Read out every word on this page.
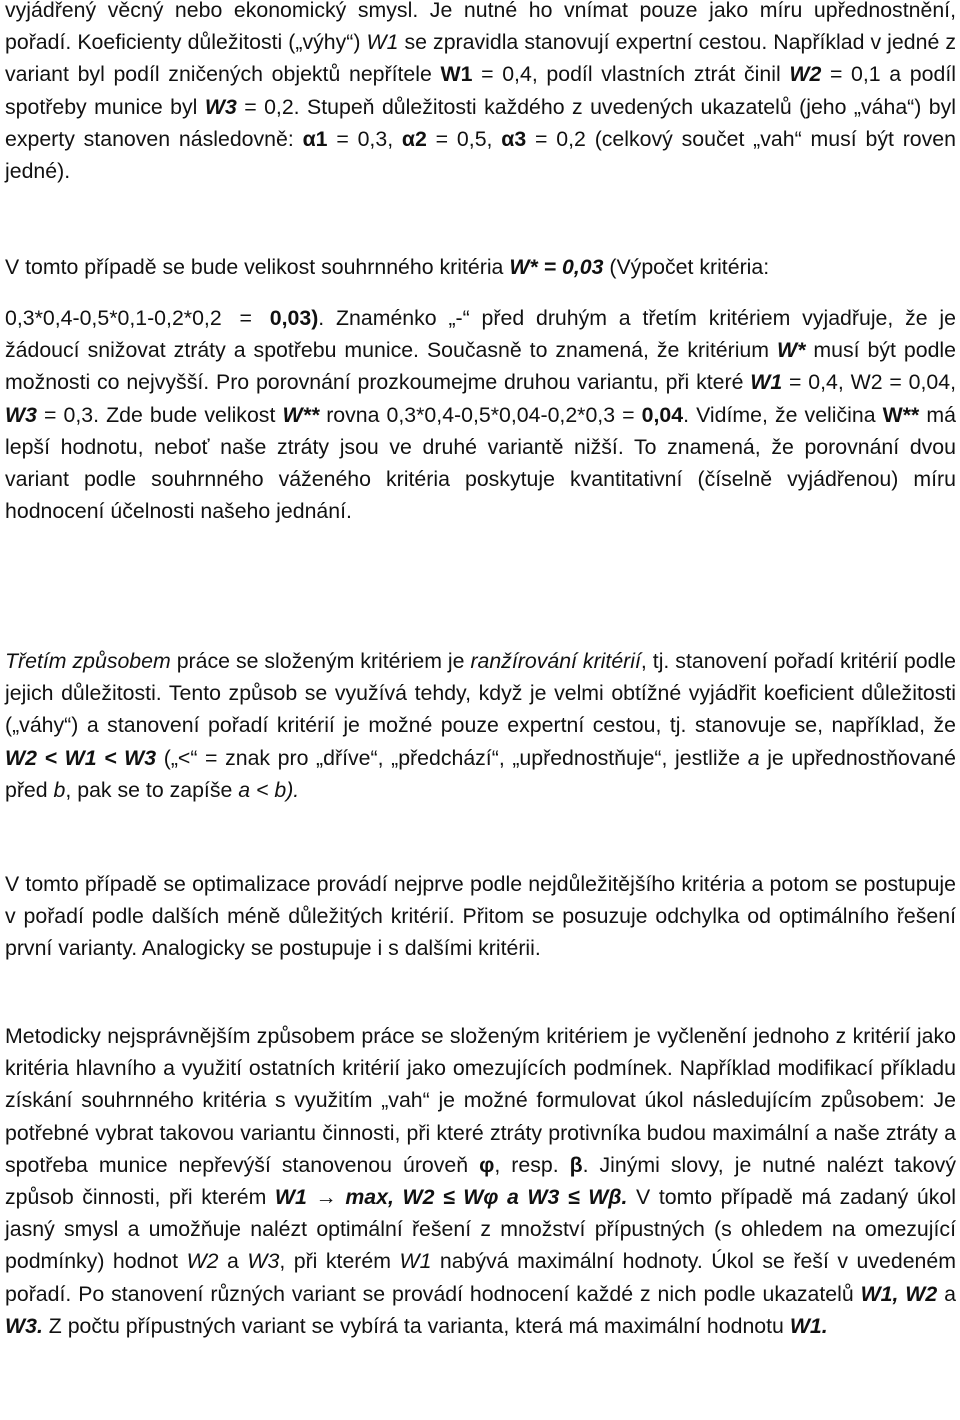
vyjádřený věcný nebo ekonomický smysl. Je nutné ho vnímat pouze jako míru upřednostnění, pořadí. Koeficienty důležitosti („výhy“) W1 se zpravidla stanovují expertní cestou. Například v jedné z variant byl podíl zničených objektů nepřítele W1 = 0,4, podíl vlastních ztrát činil W2 = 0,1 a podíl spotřeby munice byl W3 = 0,2. Stupeň důležitosti každého z uvedených ukazatelů (jeho „váha“) byl experty stanoven následovně: α1 = 0,3, α2 = 0,5, α3 = 0,2 (celkový součet „vah“ musí být roven jedné).

V tomto případě se bude velikost souhrnného kritéria W* = 0,03 (Výpočet kritéria:

0,3*0,4-0,5*0,1-0,2*0,2 = 0,03). Znaménko „-“ před druhým a třetím kritériem vyjadřuje, že je žádoucí snižovat ztráty a spotřebu munice. Současně to znamená, že kritérium W* musí být podle možnosti co nejvyšší. Pro porovnání prozkoumejme druhou variantu, při které W1 = 0,4, W2 = 0,04, W3 = 0,3. Zde bude velikost W** rovna 0,3*0,4-0,5*0,04-0,2*0,3 = 0,04. Vidíme, že veličina W** má lepší hodnotu, neboť naše ztráty jsou ve druhé variantě nižší. To znamená, že porovnání dvou variant podle souhrnného váženého kritéria poskytuje kvantitativní (číselně vyjádřenou) míru hodnocení účelnosti našeho jednání.

Třetím způsobem práce se složeným kritériem je ranžírování kritérií, tj. stanovení pořadí kritérií podle jejich důležitosti. Tento způsob se využívá tehdy, když je velmi obtížné vyjádřit koeficient důležitosti („váhy“) a stanovení pořadí kritérií je možné pouze expertní cestou, tj. stanovuje se, například, že W2 < W1 < W3 („<“ = znak pro „dříve“, „předchází“, „upřednostňuje“, jestliže a je upřednostňované před b, pak se to zapíše a < b).

V tomto případě se optimalizace provádí nejprve podle nejdůležitějšího kritéria a potom se postupuje v pořadí podle dalších méně důležitých kritérií. Přitom se posuzuje odchylka od optimálního řešení první varianty. Analogicky se postupuje i s dalšími kritérii.

Metodicky nejsprávnějším způsobem práce se složeným kritériem je vyčlenění jednoho z kritérií jako kritéria hlavního a využití ostatních kritérií jako omezujících podmínek. Například modifikací příkladu získání souhrnného kritéria s využitím „vah“ je možné formulovat úkol následujícím způsobem: Je potřebné vybrat takovou variantu činnosti, při které ztráty protivníka budou maximální a naše ztráty a spotřeba munice nepřevýší stanovenou úroveň φ, resp. β. Jinými slovy, je nutné nalézt takový způsob činnosti, při kterém W1 → max, W2 ≤ Wφ a W3 ≤ Wβ. V tomto případě má zadaný úkol jasný smysl a umožňuje nalézt optimální řešení z množství přípustných (s ohledem na omezující podmínky) hodnot W2 a W3, při kterém W1 nabývá maximální hodnoty. Úkol se řeší v uvedeném pořadí. Po stanovení různých variant se provádí hodnocení každé z nich podle ukazatelů W1, W2 a W3. Z počtu přípustných variant se vybírá ta varianta, která má maximální hodnotu W1.
